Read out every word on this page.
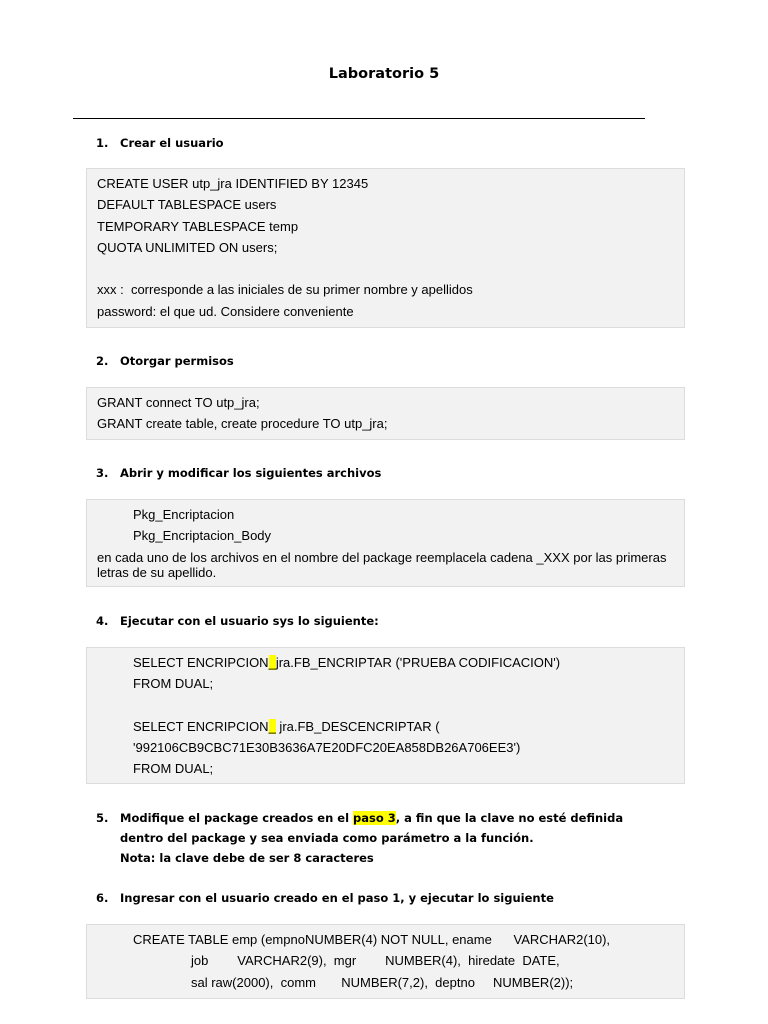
Laboratorio 5
1. Crear el usuario
CREATE USER utp_jra IDENTIFIED BY 12345
DEFAULT TABLESPACE users
TEMPORARY TABLESPACE temp
QUOTA UNLIMITED ON users;
xxx :  corresponde a las iniciales de su primer nombre y apellidos
password: el que ud. Considere conveniente
2. Otorgar permisos
GRANT connect TO utp_jra;
GRANT create table, create procedure TO utp_jra;
3. Abrir y modificar los siguientes archivos
Pkg_Encriptacion
Pkg_Encriptacion_Body
en cada uno de los archivos en el nombre del package reemplacela cadena _XXX por las primeras letras de su apellido.
4. Ejecutar con el usuario sys lo siguiente:
SELECT ENCRIPCION_jra.FB_ENCRIPTAR ('PRUEBA CODIFICACION')
FROM DUAL;
SELECT ENCRIPCION_ jra.FB_DESCENCRIPTAR (
'992106CB9CBC71E30B3636A7E20DFC20EA858DB26A706EE3')
FROM DUAL;
5. Modifique el package creados en el paso 3, a fin que la clave no esté definida dentro del package y sea enviada como parámetro a la función.
Nota: la clave debe de ser 8 caracteres
6. Ingresar con el usuario creado en el paso 1, y ejecutar lo siguiente
CREATE TABLE emp (empnoNUMBER(4) NOT NULL, ename      VARCHAR2(10),
job        VARCHAR2(9),  mgr        NUMBER(4),  hiredate  DATE,
sal raw(2000),  comm       NUMBER(7,2),  deptno     NUMBER(2));
